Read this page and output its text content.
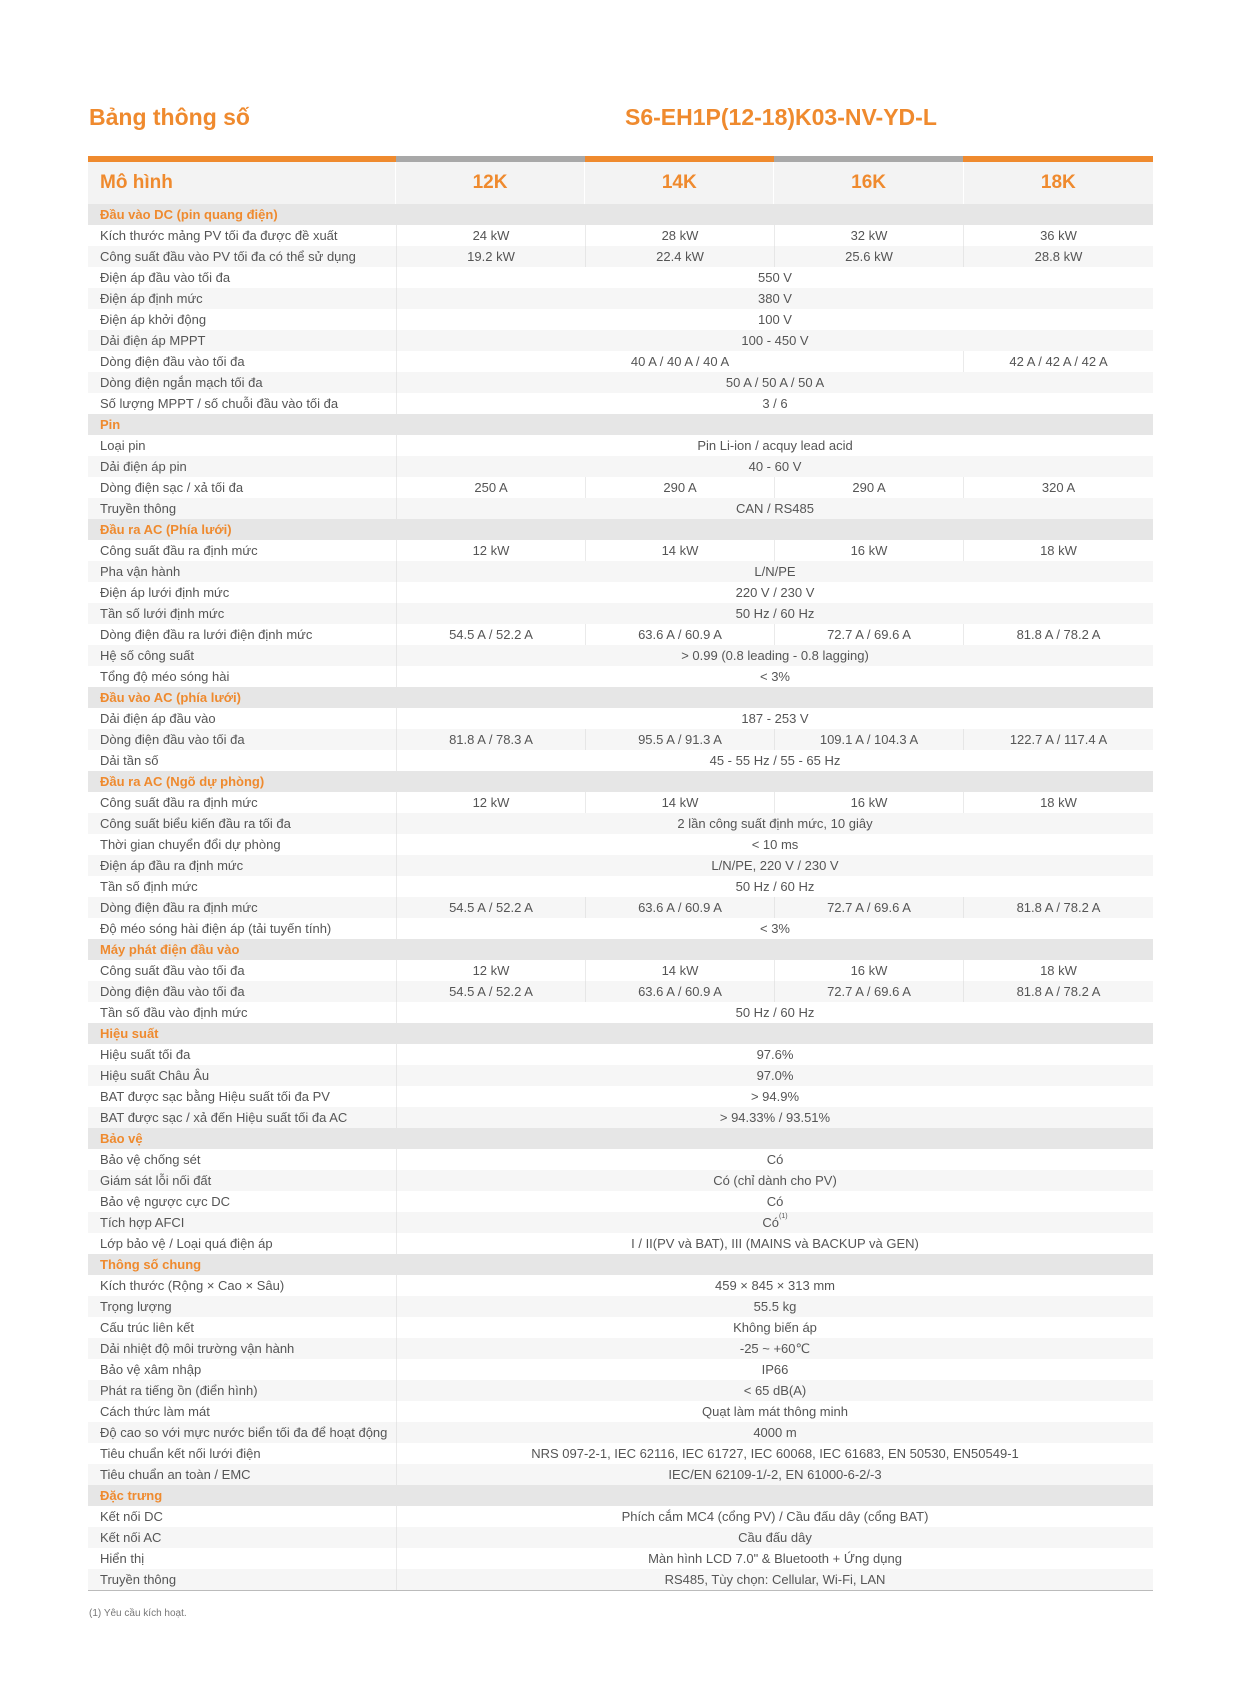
Bảng thông số	S6-EH1P(12-18)K03-NV-YD-L
Mô hình	12K	14K	16K	18K
Đầu vào DC (pin quang điện)
Kích thước mảng PV tối đa được đề xuất	24 kW	28 kW	32 kW	36 kW
Công suất đầu vào PV tối đa có thể sử dụng	19.2 kW	22.4 kW	25.6 kW	28.8 kW
Điện áp đầu vào tối đa	550 V
Điện áp định mức	380 V
Điện áp khởi động	100 V
Dải điện áp MPPT	100 - 450 V
Dòng điện đầu vào tối đa	40 A / 40 A / 40 A	42 A / 42 A / 42 A
Dòng điện ngắn mạch tối đa	50 A / 50 A / 50 A
Số lượng MPPT / số chuỗi đầu vào tối đa	3 / 6
Pin
Loại pin	Pin Li-ion / acquy lead acid
Dải điện áp pin	40 - 60 V
Dòng điện sạc / xả tối đa	250 A	290 A	290 A	320 A
Truyền thông	CAN / RS485
Đầu ra AC (Phía lưới)
Công suất đầu ra định mức	12 kW	14 kW	16 kW	18 kW
Pha vận hành	L/N/PE
Điện áp lưới định mức	220 V / 230 V
Tần số lưới định mức	50 Hz / 60 Hz
Dòng điện đầu ra lưới điện định mức	54.5 A / 52.2 A	63.6 A / 60.9 A	72.7 A / 69.6 A	81.8 A / 78.2 A
Hệ số công suất	> 0.99 (0.8 leading - 0.8 lagging)
Tổng độ méo sóng hài	< 3%
Đầu vào AC (phía lưới)
Dải điện áp đầu vào	187 - 253 V
Dòng điện đầu vào tối đa	81.8 A / 78.3 A	95.5 A / 91.3 A	109.1 A / 104.3 A	122.7 A / 117.4 A
Dải tần số	45 - 55 Hz / 55 - 65 Hz
Đầu ra AC (Ngõ dự phòng)
Công suất đầu ra định mức	12 kW	14 kW	16 kW	18 kW
Công suất biểu kiến đầu ra tối đa	2 lần công suất định mức, 10 giây
Thời gian chuyển đổi dự phòng	< 10 ms
Điện áp đầu ra định mức	L/N/PE, 220 V / 230 V
Tần số định mức	50 Hz / 60 Hz
Dòng điện đầu ra định mức	54.5 A / 52.2 A	63.6 A / 60.9 A	72.7 A / 69.6 A	81.8 A / 78.2 A
Độ méo sóng hài điện áp (tải tuyến tính)	< 3%
Máy phát điện đầu vào
Công suất đầu vào tối đa	12 kW	14 kW	16 kW	18 kW
Dòng điện đầu vào tối đa	54.5 A / 52.2 A	63.6 A / 60.9 A	72.7 A / 69.6 A	81.8 A / 78.2 A
Tần số đầu vào định mức	50 Hz / 60 Hz
Hiệu suất
Hiệu suất tối đa	97.6%
Hiệu suất Châu Âu	97.0%
BAT được sạc bằng Hiệu suất tối đa PV	> 94.9%
BAT được sạc / xả đến Hiệu suất tối đa AC	> 94.33% / 93.51%
Bảo vệ
Bảo vệ chống sét	Có
Giám sát lỗi nối đất	Có (chỉ dành cho PV)
Bảo vệ ngược cực DC	Có
Tích hợp AFCI	$Có^{(1)}$
Lớp bảo vệ / Loại quá điện áp	I / II(PV và BAT), III (MAINS và BACKUP và GEN)
Thông số chung
Kích thước (Rộng × Cao × Sâu)	459 × 845 × 313 mm
Trọng lượng	55.5 kg
Cấu trúc liên kết	Không biến áp
Dải nhiệt độ môi trường vận hành	-25 ~ +60℃
Bảo vệ xâm nhập	IP66
Phát ra tiếng ồn (điển hình)	< 65 dB(A)
Cách thức làm mát	Quạt làm mát thông minh
Độ cao so với mực nước biển tối đa để hoạt động	4000 m
Tiêu chuẩn kết nối lưới điện	NRS 097-2-1, IEC 62116, IEC 61727, IEC 60068, IEC 61683, EN 50530, EN50549-1
Tiêu chuẩn an toàn / EMC	IEC/EN 62109-1/-2, EN 61000-6-2/-3
Đặc trưng
Kết nối DC	Phích cắm MC4 (cổng PV) / Cầu đấu dây (cổng BAT)
Kết nối AC	Cầu đấu dây
Hiển thị	Màn hình LCD 7.0" & Bluetooth + Ứng dụng
Truyền thông	RS485, Tùy chọn: Cellular, Wi-Fi, LAN
(1) Yêu cầu kích hoạt.
